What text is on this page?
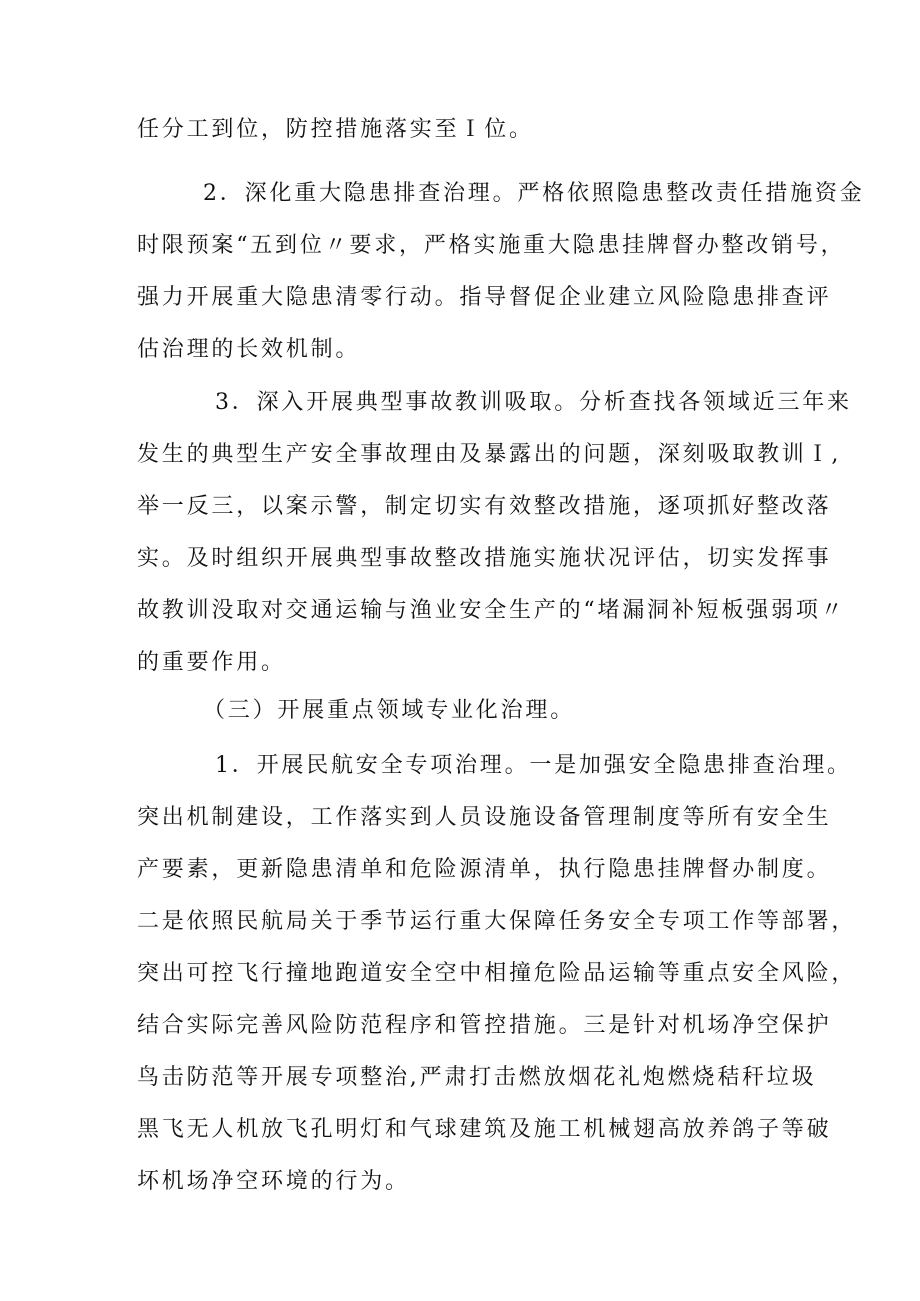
任分工到位，防控措施落实至Ｉ位。
2．深化重大隐患排查治理。严格依照隐患整改责任措施资金
时限预案“五到位〃要求，严格实施重大隐患挂牌督办整改销号，
强力开展重大隐患清零行动。指导督促企业建立风险隐患排查评
估治理的长效机制。
3．深入开展典型事故教训吸取。分析查找各领域近三年来
发生的典型生产安全事故理由及暴露出的问题，深刻吸取教训Ｉ,
举一反三，以案示警，制定切实有效整改措施，逐项抓好整改落
实。及时组织开展典型事故整改措施实施状况评估，切实发挥事
故教训没取对交通运输与渔业安全生产的“堵漏洞补短板强弱项〃
的重要作用。
（三）开展重点领域专业化治理。
1．开展民航安全专项治理。一是加强安全隐患排查治理。
突出机制建设，工作落实到人员设施设备管理制度等所有安全生
产要素，更新隐患清单和危险源清单，执行隐患挂牌督办制度。
二是依照民航局关于季节运行重大保障任务安全专项工作等部署，
突出可控飞行撞地跑道安全空中相撞危险品运输等重点安全风险，
结合实际完善风险防范程序和管控措施。三是针对机场净空保护
鸟击防范等开展专项整治,严肃打击燃放烟花礼炮燃烧秸秆垃圾
黑飞无人机放飞孔明灯和气球建筑及施工机械翅高放养鸽子等破
坏机场净空环境的行为。
